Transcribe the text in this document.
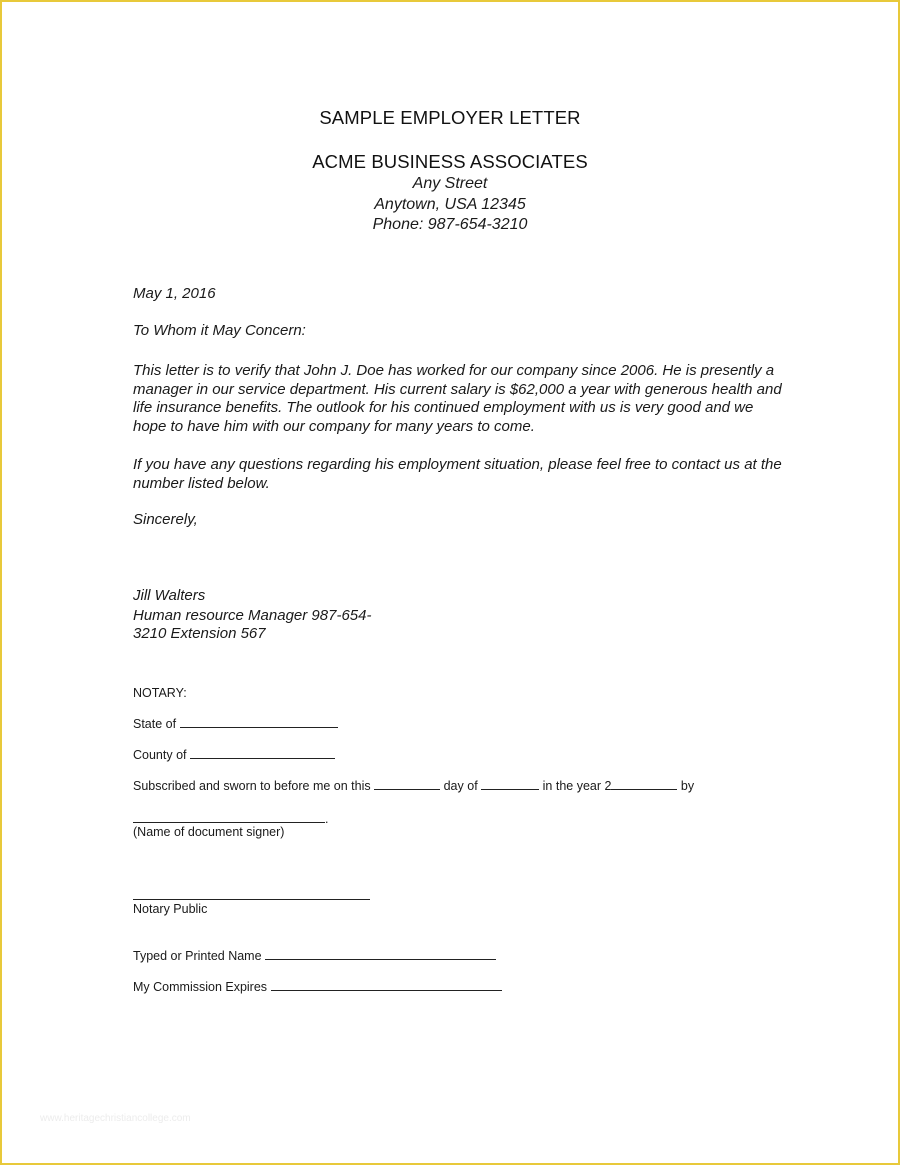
SAMPLE EMPLOYER LETTER
ACME BUSINESS ASSOCIATES
Any Street
Anytown, USA 12345
Phone: 987-654-3210
May 1, 2016
To Whom it May Concern:
This letter is to verify that John J. Doe has worked for our company since 2006. He is presently a manager in our service department. His current salary is $62,000 a year with generous health and life insurance benefits. The outlook for his continued employment with us is very good and we hope to have him with our company for many years to come.
If you have any questions regarding his employment situation, please feel free to contact us at the number listed below.
Sincerely,
Jill Walters
Human resource Manager 987-654-
3210 Extension 567
NOTARY:
State of
County of
Subscribed and sworn to before me on this	day of	in the year 2	by
.
(Name of document signer)
Notary Public
Typed or Printed Name
My Commission Expires
www.heritagechristiancollege.com
